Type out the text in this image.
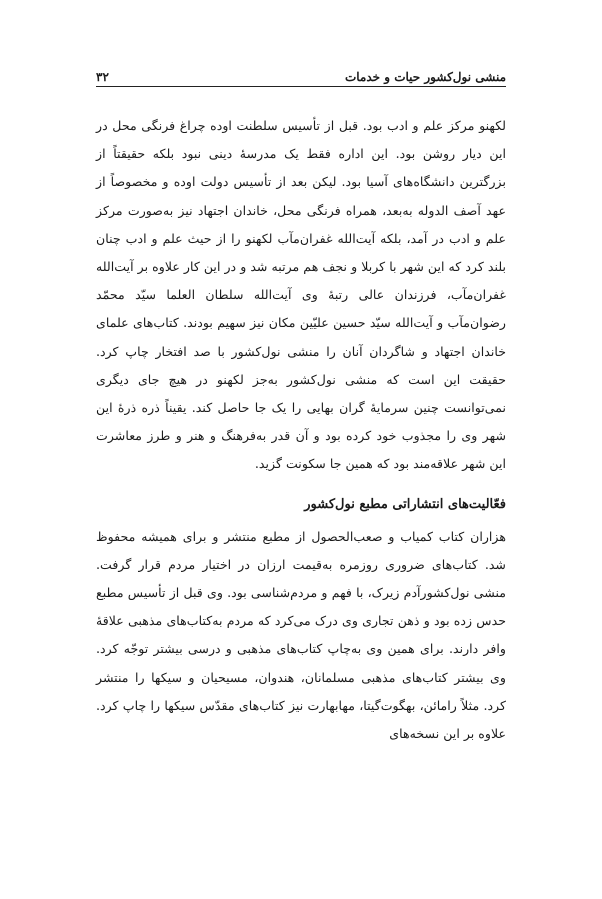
منشی نول‌کشور حیات و خدمات
۳۲

لکهنو مرکز علم و ادب بود. قبل از تأسیس سلطنت اوده چراغ فرنگی محل در این دیار روشن بود. این اداره فقط یک مدرسهٔ دینی نبود بلکه حقیقتاً از بزرگترین دانشگاه‌های آسیا بود. لیکن بعد از تأسیس دولت اوده و مخصوصاً از عهد آصف الدوله به‌بعد، همراه فرنگی محل، خاندان اجتهاد نیز به‌صورت مرکز علم و ادب در آمد، بلکه آیت‌الله غفران‌مآب لکهنو را از حیث علم و ادب چنان بلند کرد که این شهر با کربلا و نجف هم مرتبه شد و در این کار علاوه بر آیت‌الله غفران‌مآب، فرزندان عالی رتبهٔ وی آیت‌الله سلطان العلما سیّد محمّد رضوان‌مآب و آیت‌الله سیّد حسین علیّین مکان نیز سهیم بودند. کتاب‌های علمای خاندان اجتهاد و شاگردان آنان را منشی نول‌کشور با صد افتخار چاپ کرد. حقیقت این است که منشی نول‌کشور به‌جز لکهنو در هیچ جای دیگری نمی‌توانست چنین سرمایهٔ گران بهایی را یک جا حاصل کند. یقیناً ذره ذرهٔ این شهر وی را مجذوب خود کرده بود و آن قدر به‌فرهنگ و هنر و طرز معاشرت این شهر علاقه‌مند بود که همین جا سکونت گزید.

فعّالیت‌های انتشاراتی مطبع نول‌کشور

هزاران کتاب کمیاب و صعب‌الحصول از مطبع منتشر و برای همیشه محفوظ شد. کتاب‌های ضروری روزمره به‌قیمت ارزان در اختیار مردم قرار گرفت. منشی نول‌کشورآدم زیرک، با فهم و مردم‌شناسی بود. وی قبل از تأسیس مطبع حدس زده بود و ذهن تجاری وی درک می‌کرد که مردم به‌کتاب‌های مذهبی علاقهٔ وافر دارند. برای همین وی به‌چاپ کتاب‌های مذهبی و درسی بیشتر توجّه کرد. وی بیشتر کتاب‌های مذهبی مسلمانان، هندوان، مسیحیان و سیکها را منتشر کرد. مثلاً رامائن، بهگوت‌گیتا، مهابهارت نیز کتاب‌های مقدّس سیکها را چاپ کرد. علاوه بر این نسخه‌های
